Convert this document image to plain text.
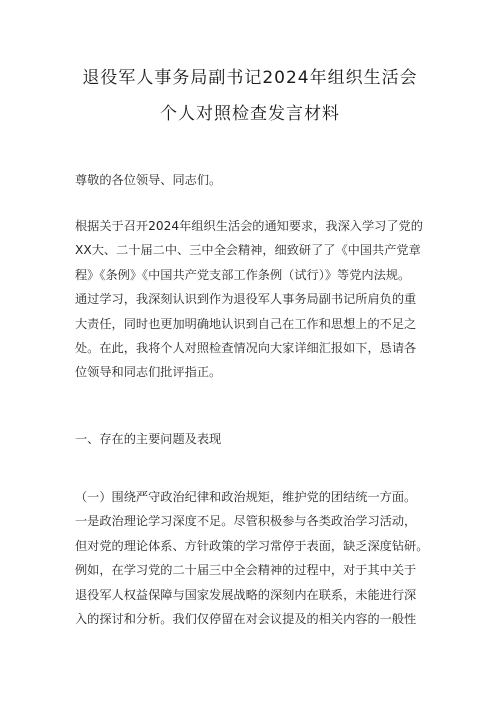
退役军人事务局副书记2024年组织生活会
个人对照检查发言材料
尊敬的各位领导、同志们。
根据关于召开2024年组织生活会的通知要求，我深入学习了党的
XX大、二十届二中、三中全会精神，细致研了了《中国共产党章
程》《条例》《中国共产党支部工作条例（试行）》等党内法规。
通过学习，我深刻认识到作为退役军人事务局副书记所肩负的重
大责任，同时也更加明确地认识到自己在工作和思想上的不足之
处。在此，我将个人对照检查情况向大家详细汇报如下，恳请各
位领导和同志们批评指正。
一、存在的主要问题及表现
（一）围绕严守政治纪律和政治规矩，维护党的团结统一方面。
一是政治理论学习深度不足。尽管积极参与各类政治学习活动，
但对党的理论体系、方针政策的学习常停于表面，缺乏深度钻研。
例如，在学习党的二十届三中全会精神的过程中，对于其中关于
退役军人权益保障与国家发展战略的深刻内在联系，未能进行深
入的探讨和分析。我们仅停留在对会议提及的相关内容的一般性
